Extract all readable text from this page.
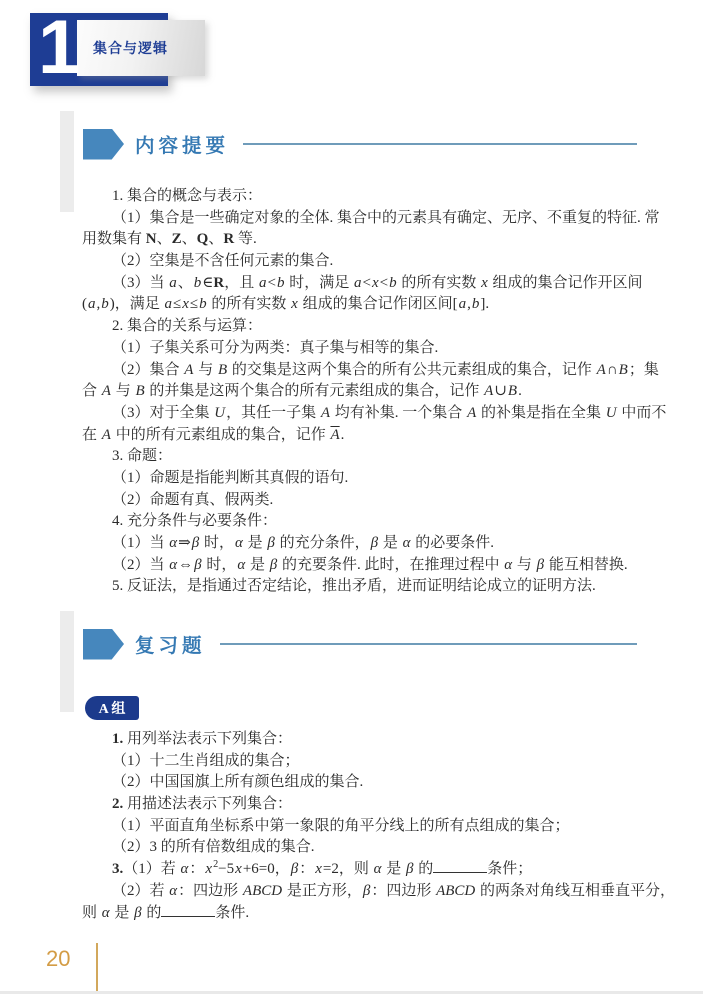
1 集合与逻辑
内容提要
1. 集合的概念与表示：
（1）集合是一些确定对象的全体. 集合中的元素具有确定、无序、不重复的特征. 常
用数集有 N、Z、Q、R 等.
（2）空集是不含任何元素的集合.
（3）当 a、b∈R，且 a<b 时，满足 a<x<b 的所有实数 x 组成的集合记作开区间
(a,b)，满足 a≤x≤b 的所有实数 x 组成的集合记作闭区间[a,b].
2. 集合的关系与运算：
（1）子集关系可分为两类：真子集与相等的集合.
（2）集合 A 与 B 的交集是这两个集合的所有公共元素组成的集合，记作 A∩B；集
合 A 与 B 的并集是这两个集合的所有元素组成的集合，记作 A∪B.
（3）对于全集 U，其任一子集 A 均有补集. 一个集合 A 的补集是指在全集 U 中而不
在 A 中的所有元素组成的集合，记作 $\overline{A}$.
3. 命题：
（1）命题是指能判断其真假的语句.
（2）命题有真、假两类.
4. 充分条件与必要条件：
（1）当 α⇒β 时，α 是 β 的充分条件，β 是 α 的必要条件.
（2）当 α⇔β 时，α 是 β 的充要条件. 此时，在推理过程中 α 与 β 能互相替换.
5. 反证法，是指通过否定结论，推出矛盾，进而证明结论成立的证明方法.
复习题
A 组
1. 用列举法表示下列集合：
（1）十二生肖组成的集合；
（2）中国国旗上所有颜色组成的集合.
2. 用描述法表示下列集合：
（1）平面直角坐标系中第一象限的角平分线上的所有点组成的集合；
（2）3 的所有倍数组成的集合.
3.（1）若 α：$x^2-5x+6=0$，β：x=2，则 α 是 β 的	条件；
（2）若 α：四边形 ABCD 是正方形，β：四边形 ABCD 的两条对角线互相垂直平分，
则 α 是 β 的	条件.
20
